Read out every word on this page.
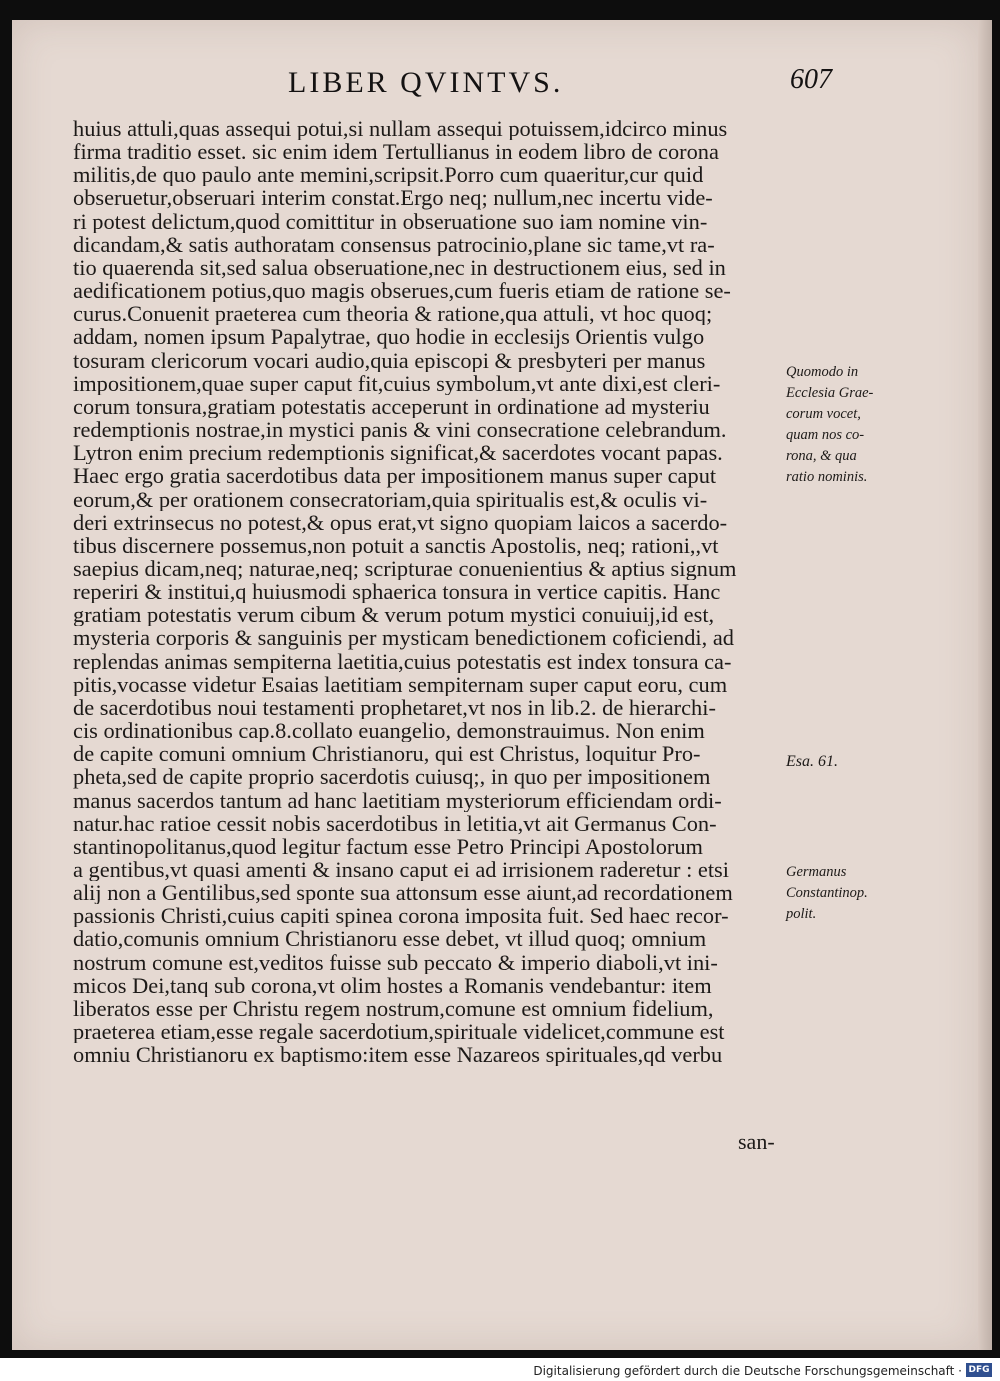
LIBER QVINTVS.	607
huius attuli,quas assequi potui,si nullam assequi potuissem,idcirco minus
firma traditio esset. sic enim idem Tertullianus in eodem libro de corona
militis,de quo paulo ante memini,scripsit.Porro cum quaeritur,cur quid
obseruetur,obseruari interim constat.Ergo neq; nullum,nec incertu vide-
ri potest delictum,quod comittitur in obseruatione suo iam nomine vin-
dicandam,& satis authoratam consensus patrocinio,plane sic tame,vt ra-
tio quaerenda sit,sed salua obseruatione,nec in destructionem eius, sed in
aedificationem potius,quo magis obserues,cum fueris etiam de ratione se-
curus.Conuenit praeterea cum theoria & ratione,qua attuli, vt hoc quoq;
addam, nomen ipsum Papalytrae, quo hodie in ecclesijs Orientis vulgo
tosuram clericorum vocari audio,quia episcopi & presbyteri per manus
impositionem,quae super caput fit,cuius symbolum,vt ante dixi,est cleri-
corum tonsura,gratiam potestatis acceperunt in ordinatione ad mysteriu
redemptionis nostrae,in mystici panis & vini consecratione celebrandum.
Lytron enim precium redemptionis significat,& sacerdotes vocant papas.
Haec ergo gratia sacerdotibus data per impositionem manus super caput
eorum,& per orationem consecratoriam,quia spiritualis est,& oculis vi-
deri extrinsecus no potest,& opus erat,vt signo quopiam laicos a sacerdo-
tibus discernere possemus,non potuit a sanctis Apostolis, neq; rationi,,vt
saepius dicam,neq; naturae,neq; scripturae conuenientius & aptius signum
reperiri & institui,q huiusmodi sphaerica tonsura in vertice capitis. Hanc
gratiam potestatis verum cibum & verum potum mystici conuiuij,id est,
mysteria corporis & sanguinis per mysticam benedictionem coficiendi, ad
replendas animas sempiterna laetitia,cuius potestatis est index tonsura ca-
pitis,vocasse videtur Esaias laetitiam sempiternam super caput eoru, cum
de sacerdotibus noui testamenti prophetaret,vt nos in lib.2. de hierarchi-
cis ordinationibus cap.8.collato euangelio, demonstrauimus. Non enim
de capite comuni omnium Christianoru, qui est Christus, loquitur Pro-
pheta,sed de capite proprio sacerdotis cuiusq;, in quo per impositionem
manus sacerdos tantum ad hanc laetitiam mysteriorum efficiendam ordi-
natur.hac ratioe cessit nobis sacerdotibus in letitia,vt ait Germanus Con-
stantinopolitanus,quod legitur factum esse Petro Principi Apostolorum
a gentibus,vt quasi amenti & insano caput ei ad irrisionem raderetur : etsi
alij non a Gentilibus,sed sponte sua attonsum esse aiunt,ad recordationem
passionis Christi,cuius capiti spinea corona imposita fuit. Sed haec recor-
datio,comunis omnium Christianoru esse debet, vt illud quoq; omnium
nostrum comune est,veditos fuisse sub peccato & imperio diaboli,vt ini-
micos Dei,tanq sub corona,vt olim hostes a Romanis vendebantur: item
liberatos esse per Christu regem nostrum,comune est omnium fidelium,
praeterea etiam,esse regale sacerdotium,spirituale videlicet,commune est
omniu Christianoru ex baptismo:item esse Nazareos spirituales,qd verbu
san-
Quomodo in
Ecclesia Grae-
corum vocet,
quam nos co-
rona, & qua
ratio nominis.
Esa. 61.
Germanus
Constantinop.
polit.
Digitalisierung gefördert durch die Deutsche Forschungsgemeinschaft · DFG
